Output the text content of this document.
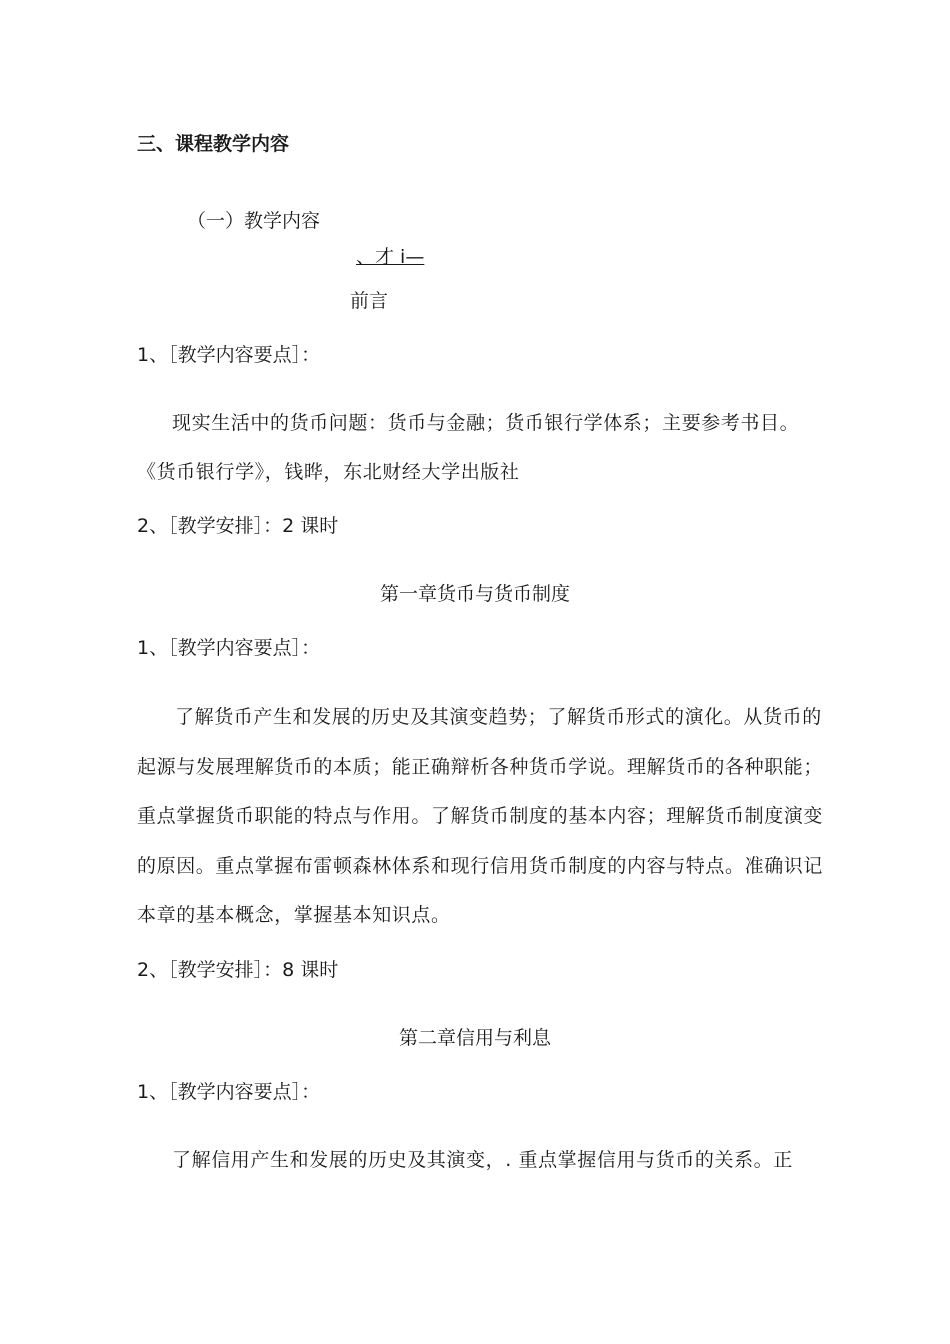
三、课程教学内容

（一）教学内容

、才 i—

前言

1、［教学内容要点］：

现实生活中的货币问题：货币与金融；货币银行学体系；主要参考书目。

《货币银行学》，钱晔，东北财经大学出版社

2、［教学安排］：2 课时

第一章货币与货币制度

1、［教学内容要点］：

了解货币产生和发展的历史及其演变趋势；了解货币形式的演化。从货币的起源与发展理解货币的本质；能正确辩析各种货币学说。理解货币的各种职能；重点掌握货币职能的特点与作用。了解货币制度的基本内容；理解货币制度演变的原因。重点掌握布雷顿森林体系和现行信用货币制度的内容与特点。准确识记本章的基本概念，掌握基本知识点。

2、［教学安排］：8 课时

第二章信用与利息

1、［教学内容要点］：

了解信用产生和发展的历史及其演变，. 重点掌握信用与货币的关系。正
